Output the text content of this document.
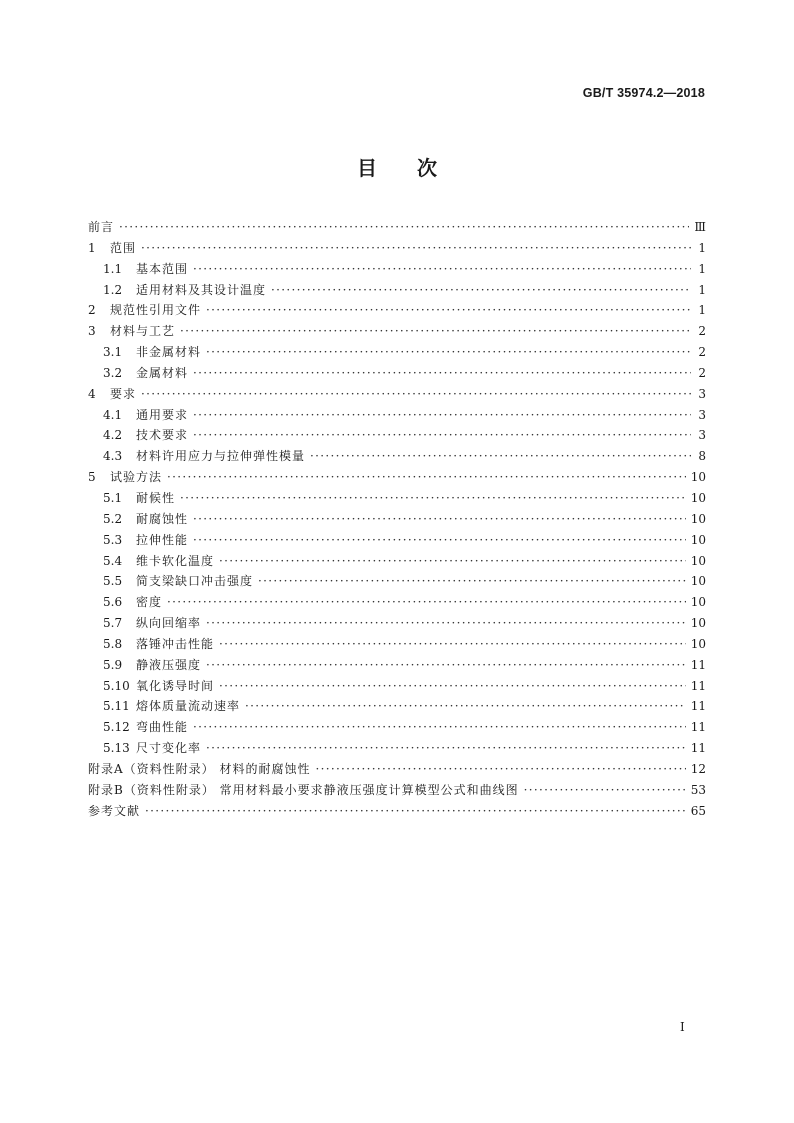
GB/T 35974.2—2018
目次
前言 ·····	Ⅲ
1	范围 ·····	1
1.1	基本范围 ·····	1
1.2	适用材料及其设计温度 ·····	1
2	规范性引用文件 ·····	1
3	材料与工艺 ·····	2
3.1	非金属材料 ·····	2
3.2	金属材料 ·····	2
4	要求 ·····	3
4.1	通用要求 ·····	3
4.2	技术要求 ·····	3
4.3	材料许用应力与拉伸弹性模量 ·····	8
5	试验方法 ·····	10
5.1	耐候性 ·····	10
5.2	耐腐蚀性 ·····	10
5.3	拉伸性能 ·····	10
5.4	维卡软化温度 ·····	10
5.5	简支梁缺口冲击强度 ·····	10
5.6	密度 ·····	10
5.7	纵向回缩率 ·····	10
5.8	落锤冲击性能 ·····	10
5.9	静液压强度 ·····	11
5.10 氧化诱导时间 ·····	11
5.11 熔体质量流动速率 ·····	11
5.12 弯曲性能 ·····	11
5.13 尺寸变化率 ·····	11
附录A（资料性附录） 材料的耐腐蚀性 ·····	12
附录B（资料性附录） 常用材料最小要求静液压强度计算模型公式和曲线图 ·····	53
参考文献 ·····	65
I
